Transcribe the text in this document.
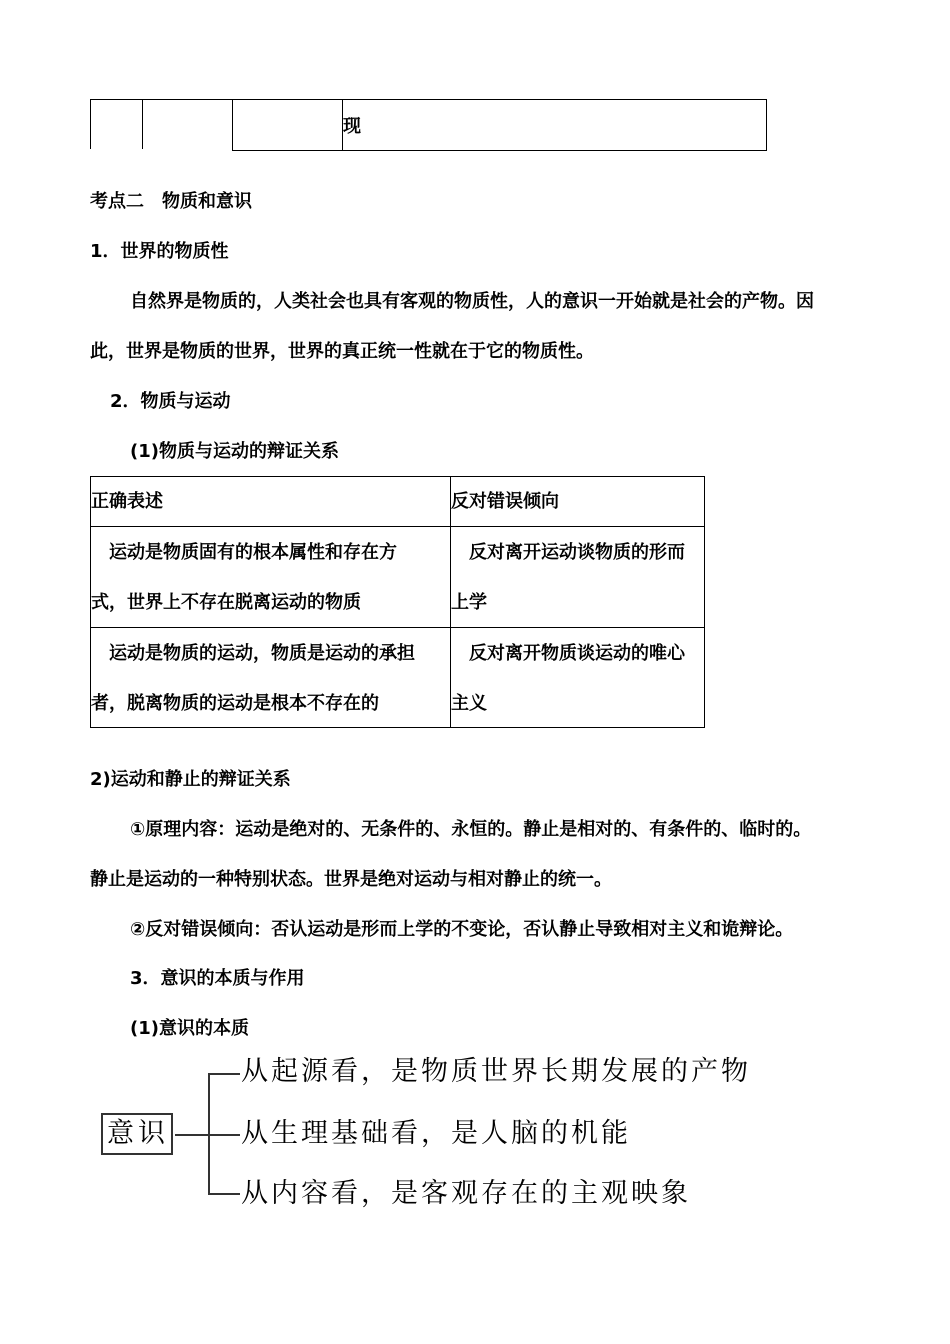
现
考点二　物质和意识
1．世界的物质性
自然界是物质的，人类社会也具有客观的物质性，人的意识一开始就是社会的产物。因
此，世界是物质的世界，世界的真正统一性就在于它的物质性。
2．物质与运动
(1)物质与运动的辩证关系
正确表述	反对错误倾向
运动是物质固有的根本属性和存在方
式，世界上不存在脱离运动的物质
反对离开运动谈物质的形而
上学
运动是物质的运动，物质是运动的承担
者，脱离物质的运动是根本不存在的
反对离开物质谈运动的唯心
主义
2)运动和静止的辩证关系
①原理内容：运动是绝对的、无条件的、永恒的。静止是相对的、有条件的、临时的。
静止是运动的一种特别状态。世界是绝对运动与相对静止的统一。
②反对错误倾向：否认运动是形而上学的不变论，否认静止导致相对主义和诡辩论。
3．意识的本质与作用
(1)意识的本质
意识
从起源看，是物质世界长期发展的产物
从生理基础看，是人脑的机能
从内容看，是客观存在的主观映象
